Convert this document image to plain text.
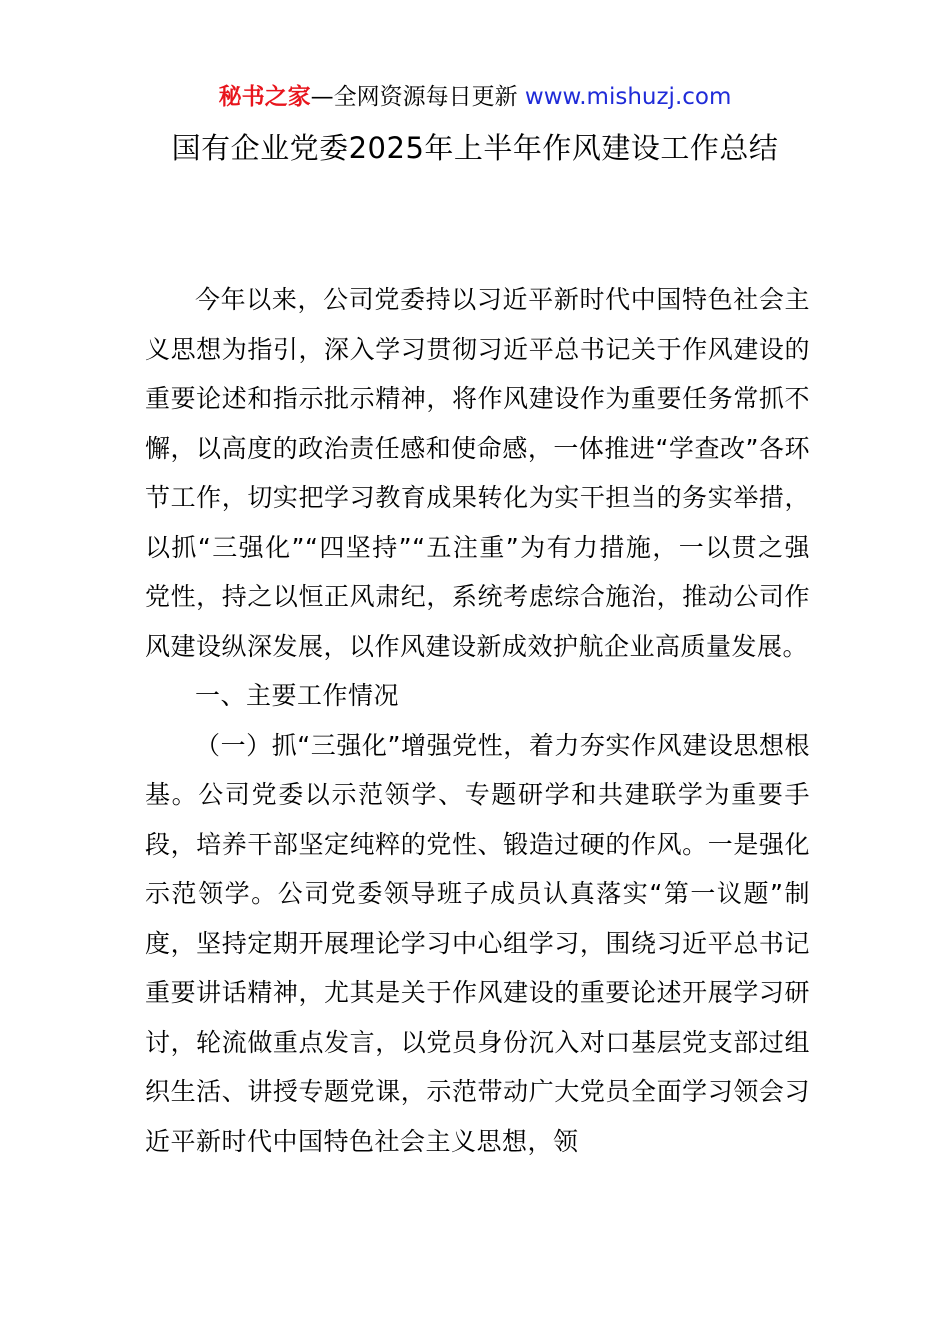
秘书之家—全网资源每日更新 www.mishuzj.com
国有企业党委2025年上半年作风建设工作总结

今年以来，公司党委持以习近平新时代中国特色社会主义思想为指引，深入学习贯彻习近平总书记关于作风建设的重要论述和指示批示精神，将作风建设作为重要任务常抓不懈，以高度的政治责任感和使命感，一体推进“学查改”各环节工作，切实把学习教育成果转化为实干担当的务实举措，以抓“三强化”“四坚持”“五注重”为有力措施，一以贯之强党性，持之以恒正风肃纪，系统考虑综合施治，推动公司作风建设纵深发展，以作风建设新成效护航企业高质量发展。

一、主要工作情况

（一）抓“三强化”增强党性，着力夯实作风建设思想根基。公司党委以示范领学、专题研学和共建联学为重要手段，培养干部坚定纯粹的党性、锻造过硬的作风。一是强化示范领学。公司党委领导班子成员认真落实“第一议题”制度，坚持定期开展理论学习中心组学习，围绕习近平总书记重要讲话精神，尤其是关于作风建设的重要论述开展学习研讨，轮流做重点发言，以党员身份沉入对口基层党支部过组织生活、讲授专题党课，示范带动广大党员全面学习领会习近平新时代中国特色社会主义思想，领
